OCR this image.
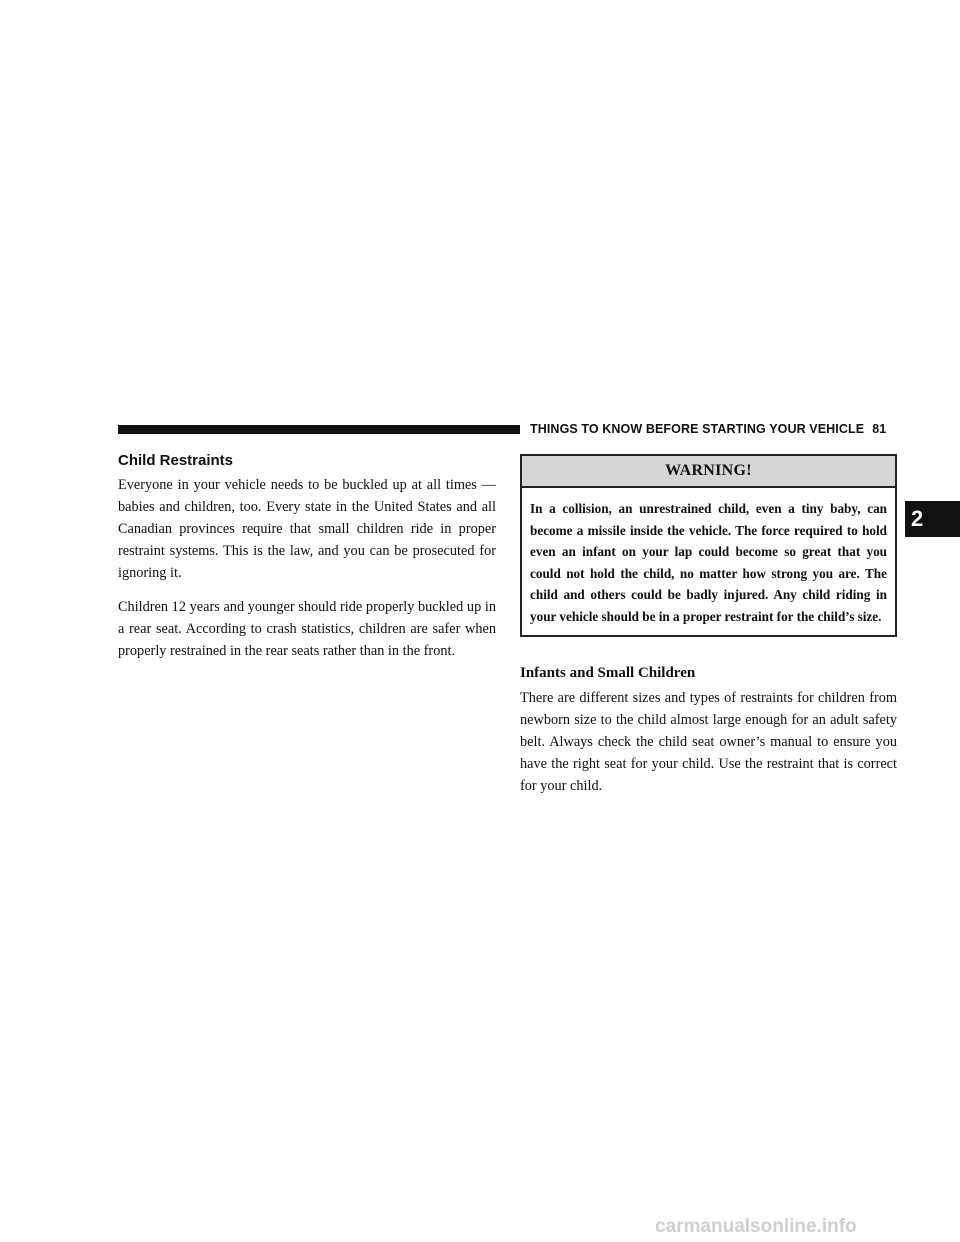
THINGS TO KNOW BEFORE STARTING YOUR VEHICLE 81
2
Child Restraints

Everyone in your vehicle needs to be buckled up at all times — babies and children, too. Every state in the United States and all Canadian provinces require that small children ride in proper restraint systems. This is the law, and you can be prosecuted for ignoring it.

Children 12 years and younger should ride properly buckled up in a rear seat. According to crash statistics, children are safer when properly restrained in the rear seats rather than in the front.

WARNING!
In a collision, an unrestrained child, even a tiny baby, can become a missile inside the vehicle. The force required to hold even an infant on your lap could become so great that you could not hold the child, no matter how strong you are. The child and others could be badly injured. Any child riding in your vehicle should be in a proper restraint for the child’s size.
Infants and Small Children

There are different sizes and types of restraints for children from newborn size to the child almost large enough for an adult safety belt. Always check the child seat owner’s manual to ensure you have the right seat for your child. Use the restraint that is correct for your child.

carmanualsonline.info
